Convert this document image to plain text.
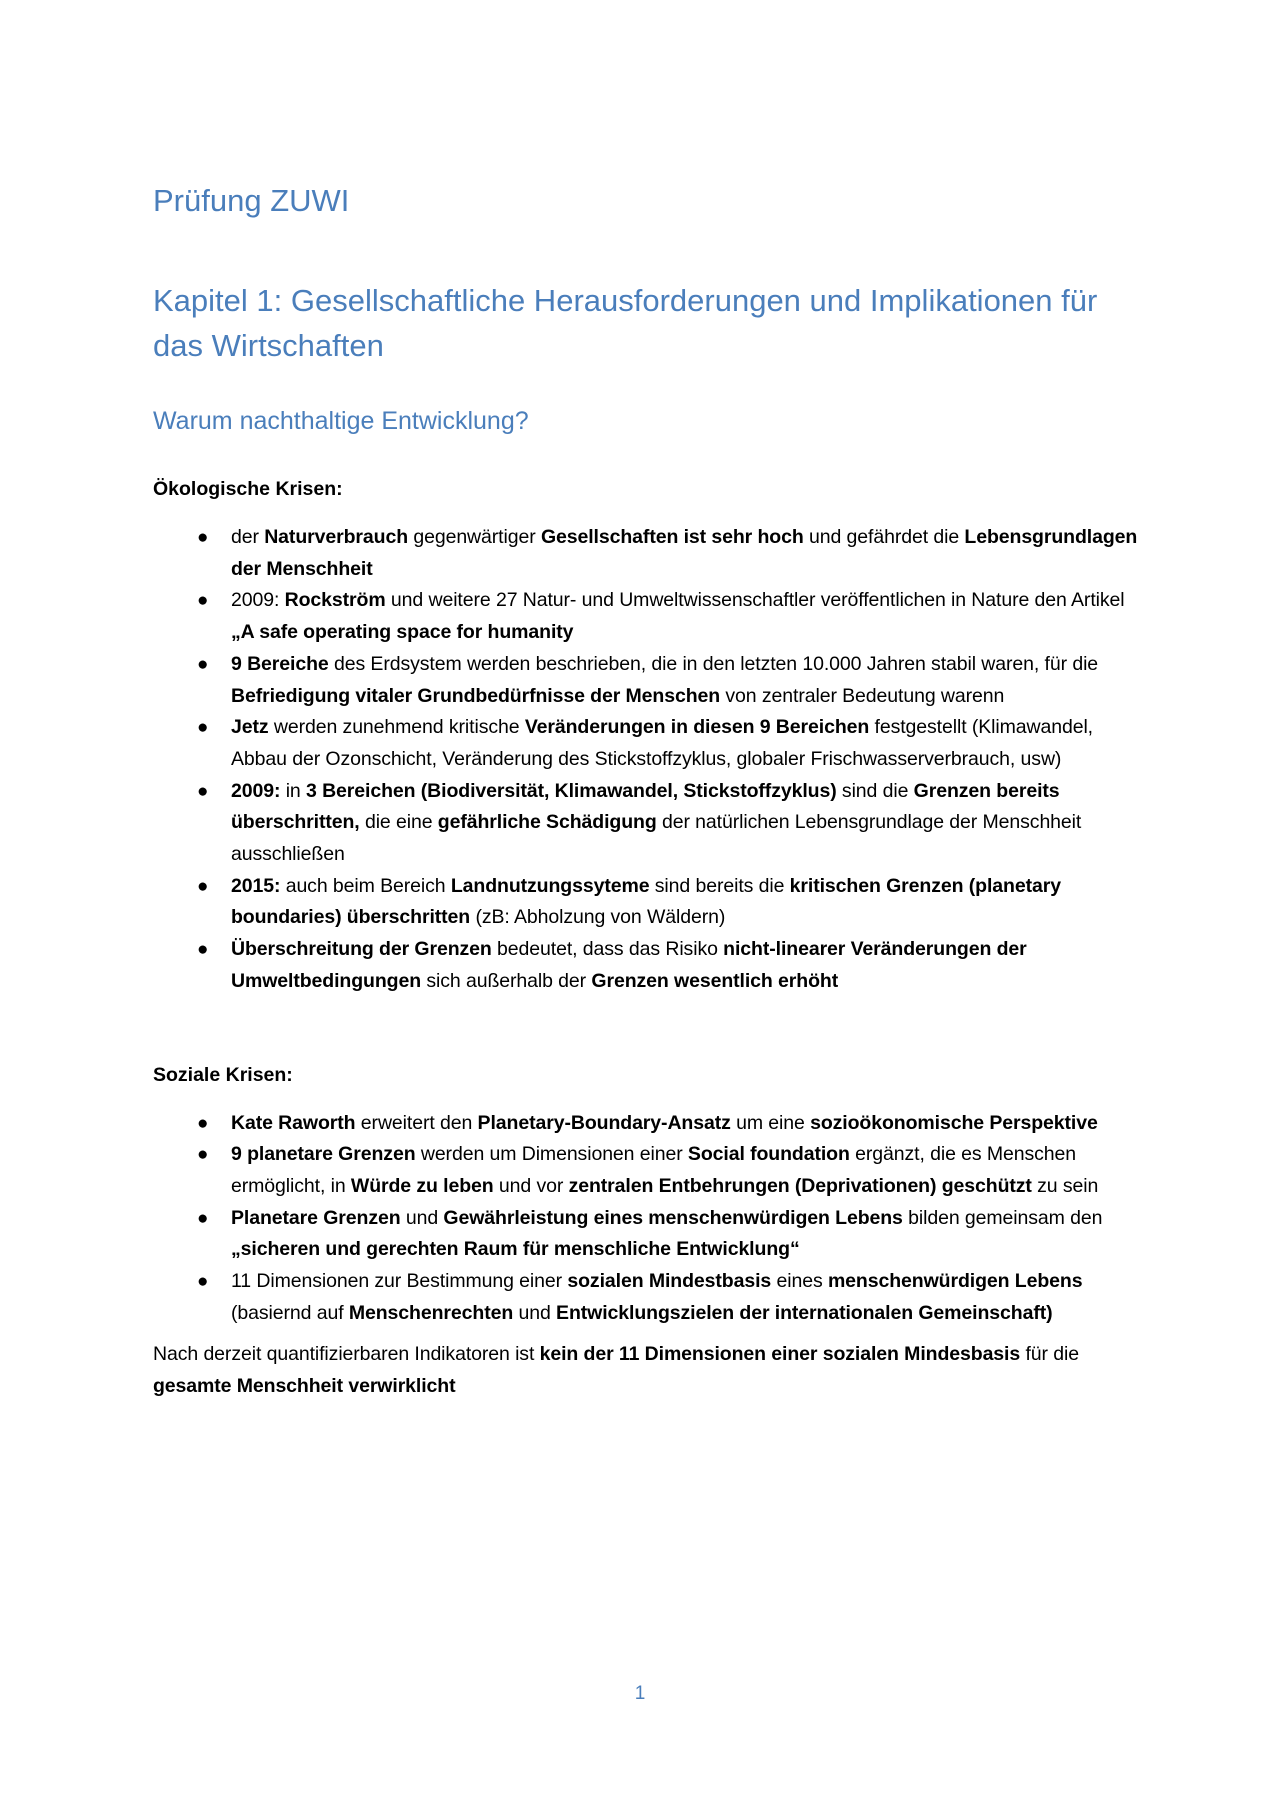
Prüfung ZUWI
Kapitel 1: Gesellschaftliche Herausforderungen und Implikationen für das Wirtschaften
Warum nachthaltige Entwicklung?
Ökologische Krisen:
● der Naturverbrauch gegenwärtiger Gesellschaften ist sehr hoch und gefährdet die Lebensgrundlagen der Menschheit
● 2009: Rockström und weitere 27 Natur- und Umweltwissenschaftler veröffentlichen in Nature den Artikel „A safe operating space for humanity
● 9 Bereiche des Erdsystem werden beschrieben, die in den letzten 10.000 Jahren stabil waren, für die Befriedigung vitaler Grundbedürfnisse der Menschen von zentraler Bedeutung warenn
● Jetz werden zunehmend kritische Veränderungen in diesen 9 Bereichen festgestellt (Klimawandel, Abbau der Ozonschicht, Veränderung des Stickstoffzyklus, globaler Frischwasserverbrauch, usw)
● 2009: in 3 Bereichen (Biodiversität, Klimawandel, Stickstoffzyklus) sind die Grenzen bereits überschritten, die eine gefährliche Schädigung der natürlichen Lebensgrundlage der Menschheit ausschließen
● 2015: auch beim Bereich Landnutzungssyteme sind bereits die kritischen Grenzen (planetary boundaries) überschritten (zB: Abholzung von Wäldern)
● Überschreitung der Grenzen bedeutet, dass das Risiko nicht-linearer Veränderungen der Umweltbedingungen sich außerhalb der Grenzen wesentlich erhöht
Soziale Krisen:
● Kate Raworth erweitert den Planetary-Boundary-Ansatz um eine sozioökonomische Perspektive
● 9 planetare Grenzen werden um Dimensionen einer Social foundation ergänzt, die es Menschen ermöglicht, in Würde zu leben und vor zentralen Entbehrungen (Deprivationen) geschützt zu sein
● Planetare Grenzen und Gewährleistung eines menschenwürdigen Lebens bilden gemeinsam den „sicheren und gerechten Raum für menschliche Entwicklung“
● 11 Dimensionen zur Bestimmung einer sozialen Mindestbasis eines menschenwürdigen Lebens (basiernd auf Menschenrechten und Entwicklungszielen der internationalen Gemeinschaft)

Nach derzeit quantifizierbaren Indikatoren ist kein der 11 Dimensionen einer sozialen Mindesbasis für die gesamte Menschheit verwirklicht

1
